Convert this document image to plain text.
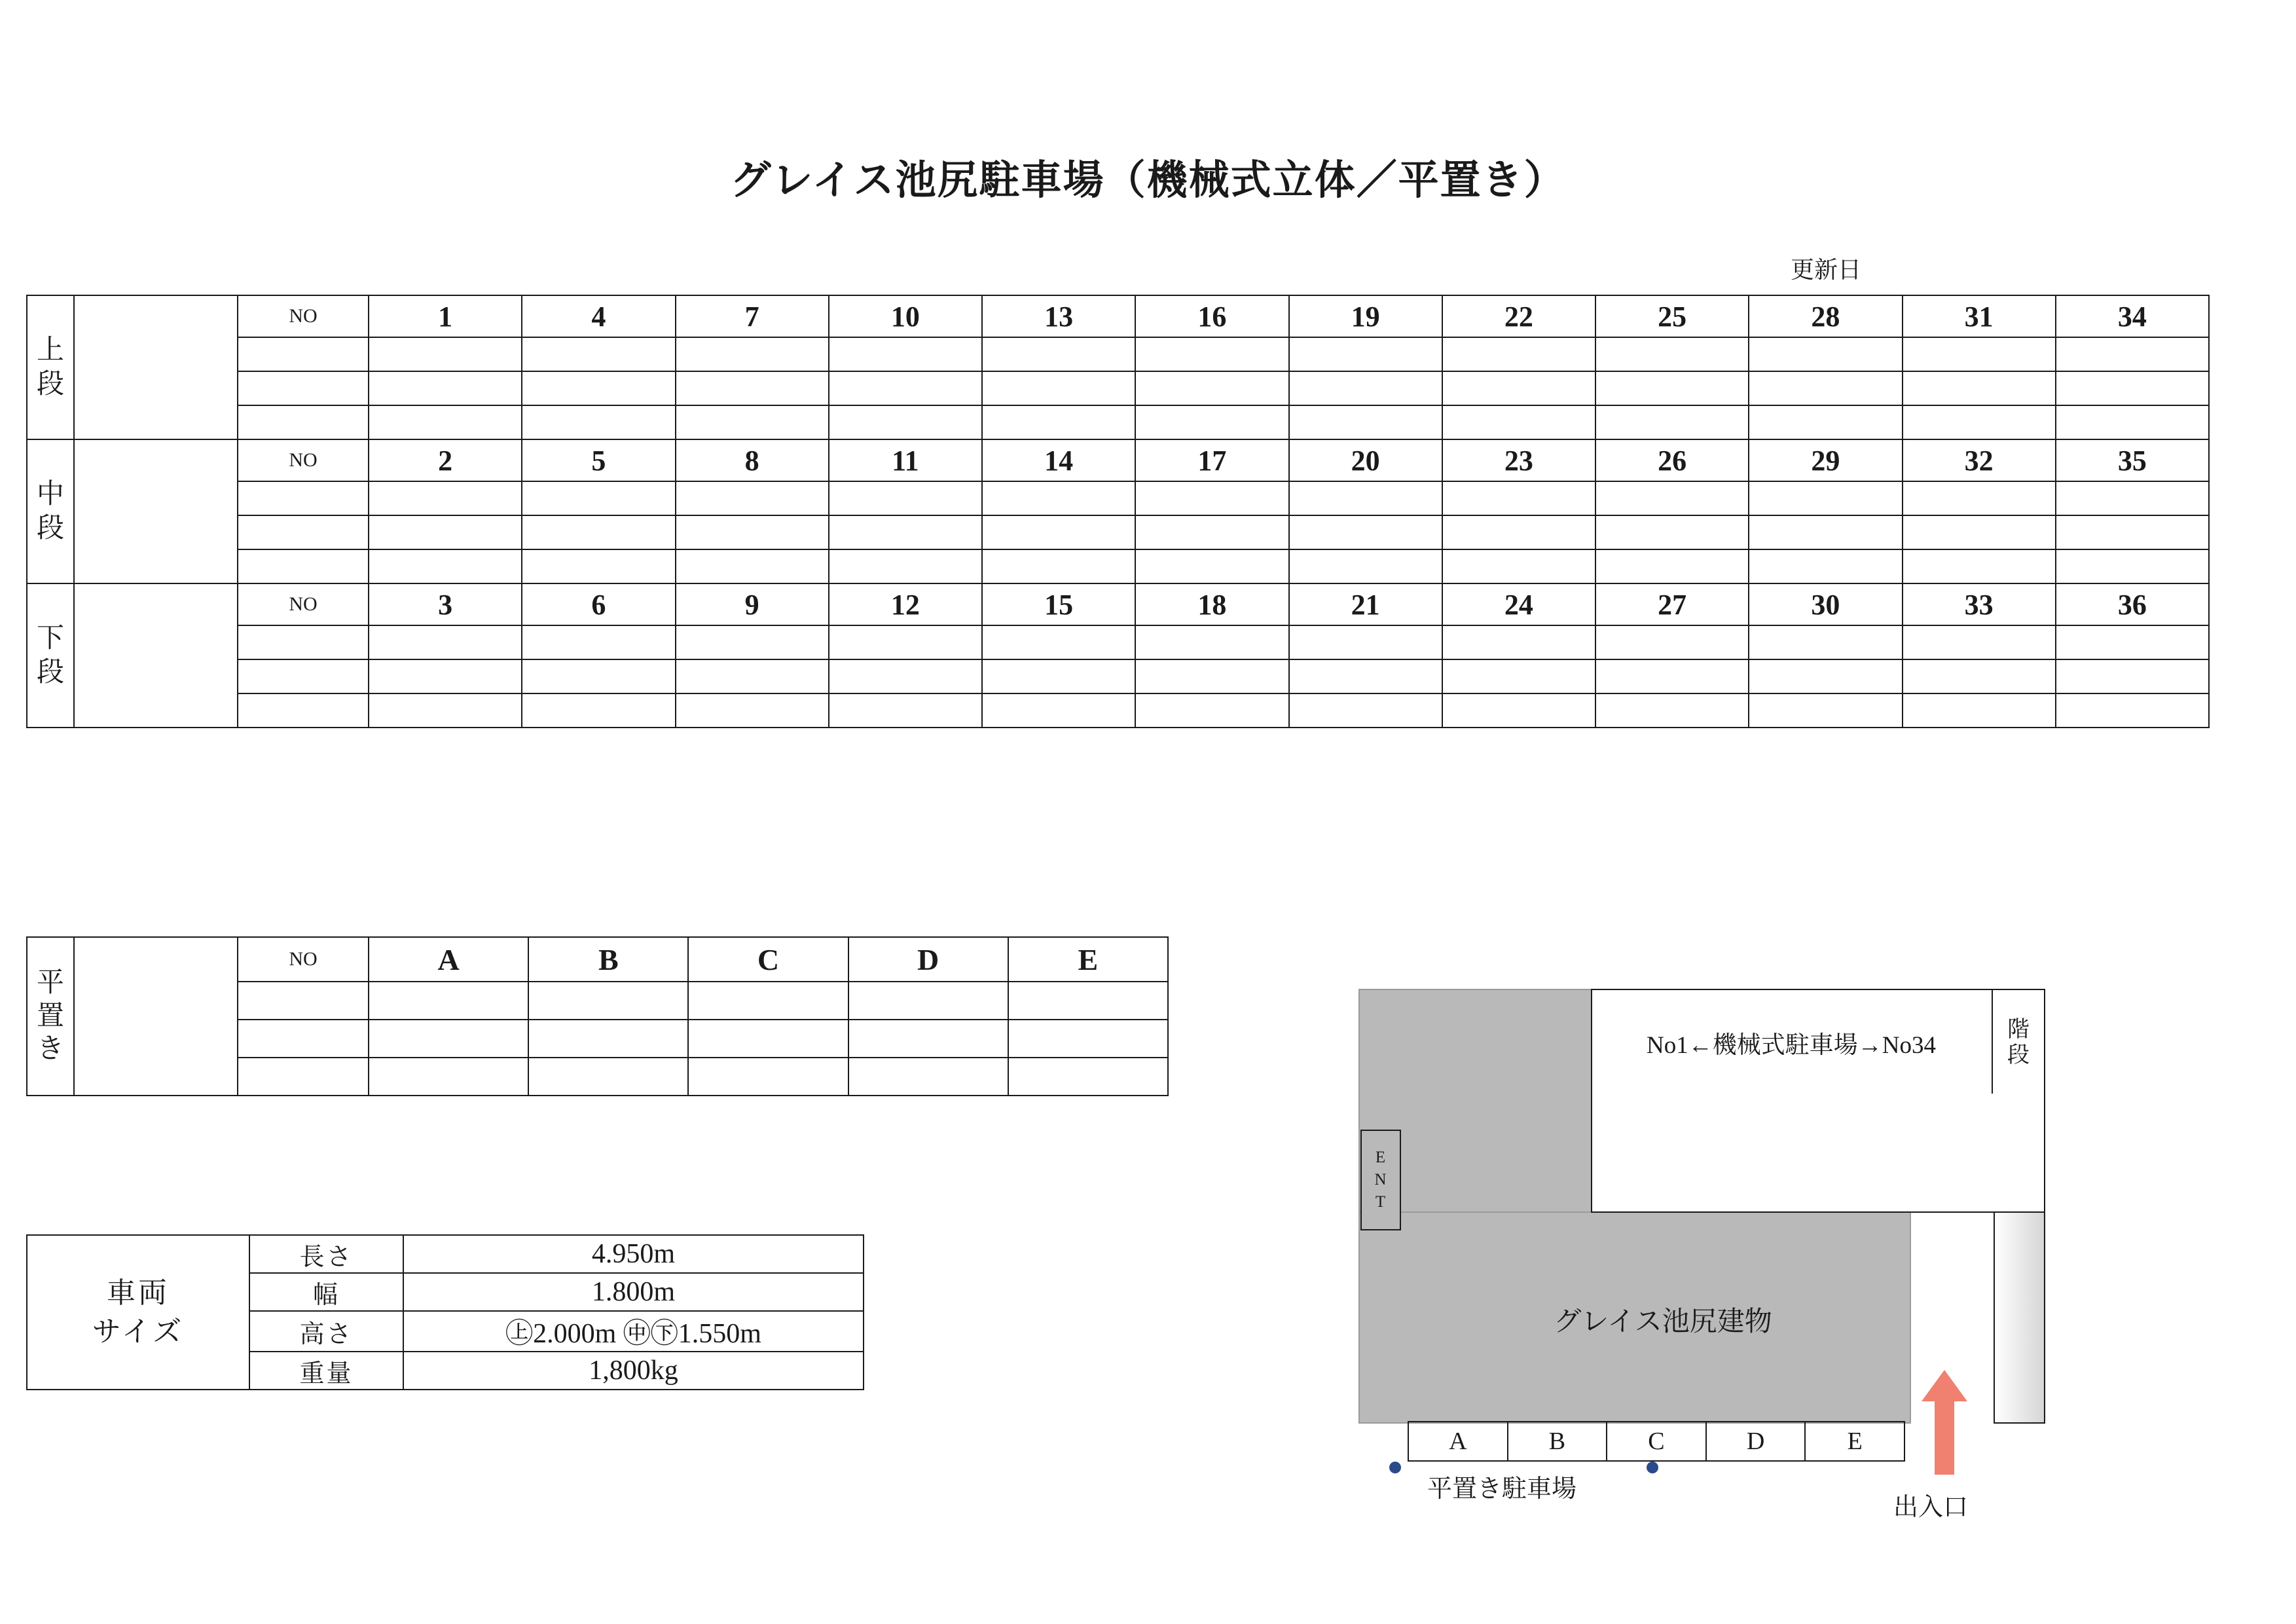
グレイス池尻駐車場（機械式立体／平置き）
更新日
上
段		NO	1	4	7	10	13	16	19	22	25	28	31	34

中
段		NO	2	5	8	11	14	17	20	23	26	29	32	35

下
段		NO	3	6	9	12	15	18	21	24	27	30	33	36

平
置
き		NO	A	B	C	D	E

車両
サイズ	長さ	4.950m
	幅	1.800m
	高さ	㊤2.000m ㊥㊦1.550m
	重量	1,800kg
No1←機械式駐車場→No34
階
段
E
N
T
グレイス池尻建物
A	B	C	D	E
平置き駐車場
出入口
